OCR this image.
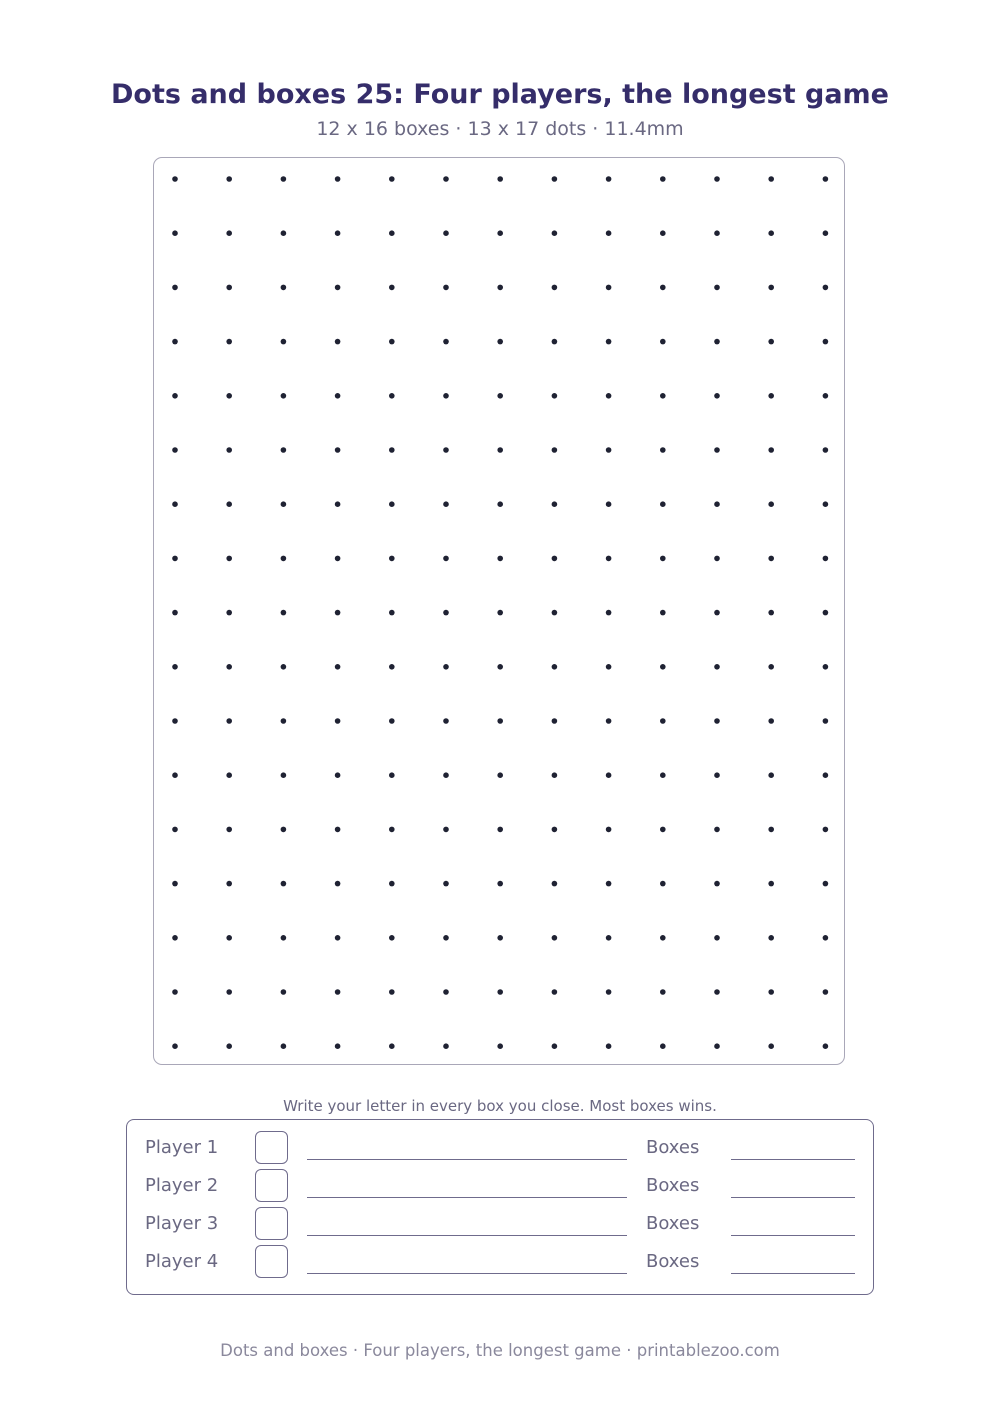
Dots and boxes 25: Four players, the longest game
12 x 16 boxes · 13 x 17 dots · 11.4mm
Write your letter in every box you close. Most boxes wins.
Player 1	Boxes
Player 2	Boxes
Player 3	Boxes
Player 4	Boxes
Dots and boxes · Four players, the longest game · printablezoo.com
